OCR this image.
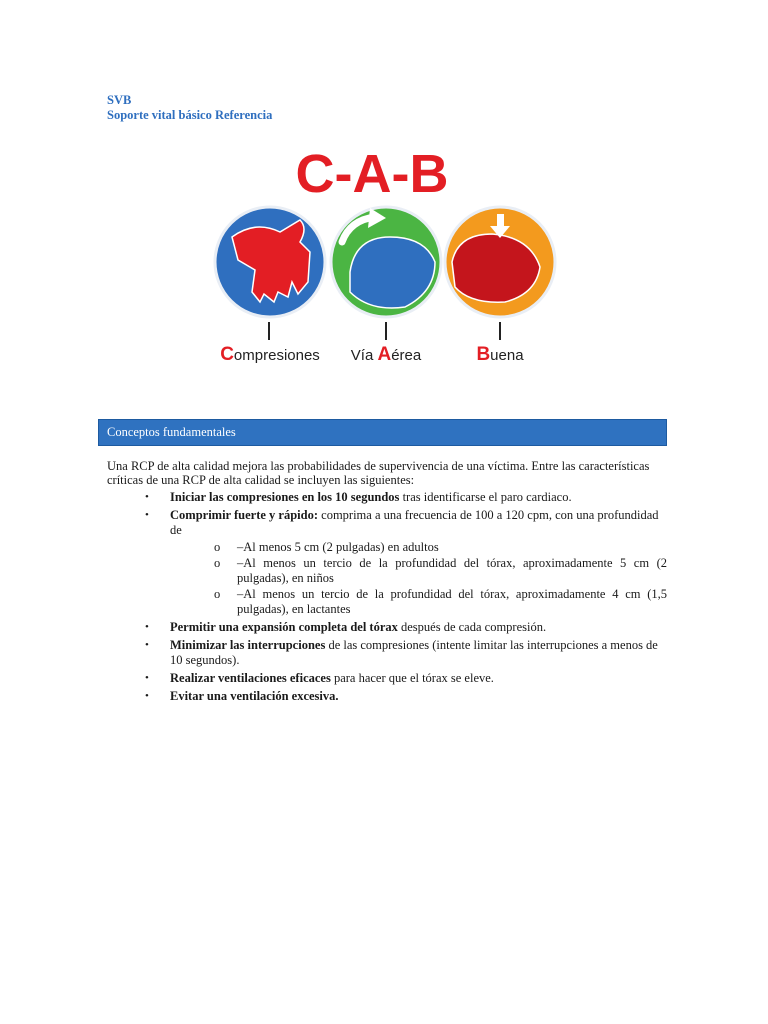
SVB
Soporte vital básico Referencia
C-A-B
Compresiones Vía Aérea	Buena
Conceptos fundamentales

Una RCP de alta calidad mejora las probabilidades de supervivencia de una víctima. Entre las características críticas de una RCP de alta calidad se incluyen las siguientes:

• Iniciar las compresiones en los 10 segundos tras identificarse el paro cardiaco.
• Comprimir fuerte y rápido: comprima a una frecuencia de 100 a 120 cpm, con una profundidad de
o –Al menos 5 cm (2 pulgadas) en adultos
o –Al menos un tercio de la profundidad del tórax, aproximadamente 5 cm (2 pulgadas), en niños
o –Al menos un tercio de la profundidad del tórax, aproximadamente 4 cm (1,5 pulgadas), en lactantes
• Permitir una expansión completa del tórax después de cada compresión.
• Minimizar las interrupciones de las compresiones (intente limitar las interrupciones a menos de 10 segundos).
• Realizar ventilaciones eficaces para hacer que el tórax se eleve.
• Evitar una ventilación excesiva.
